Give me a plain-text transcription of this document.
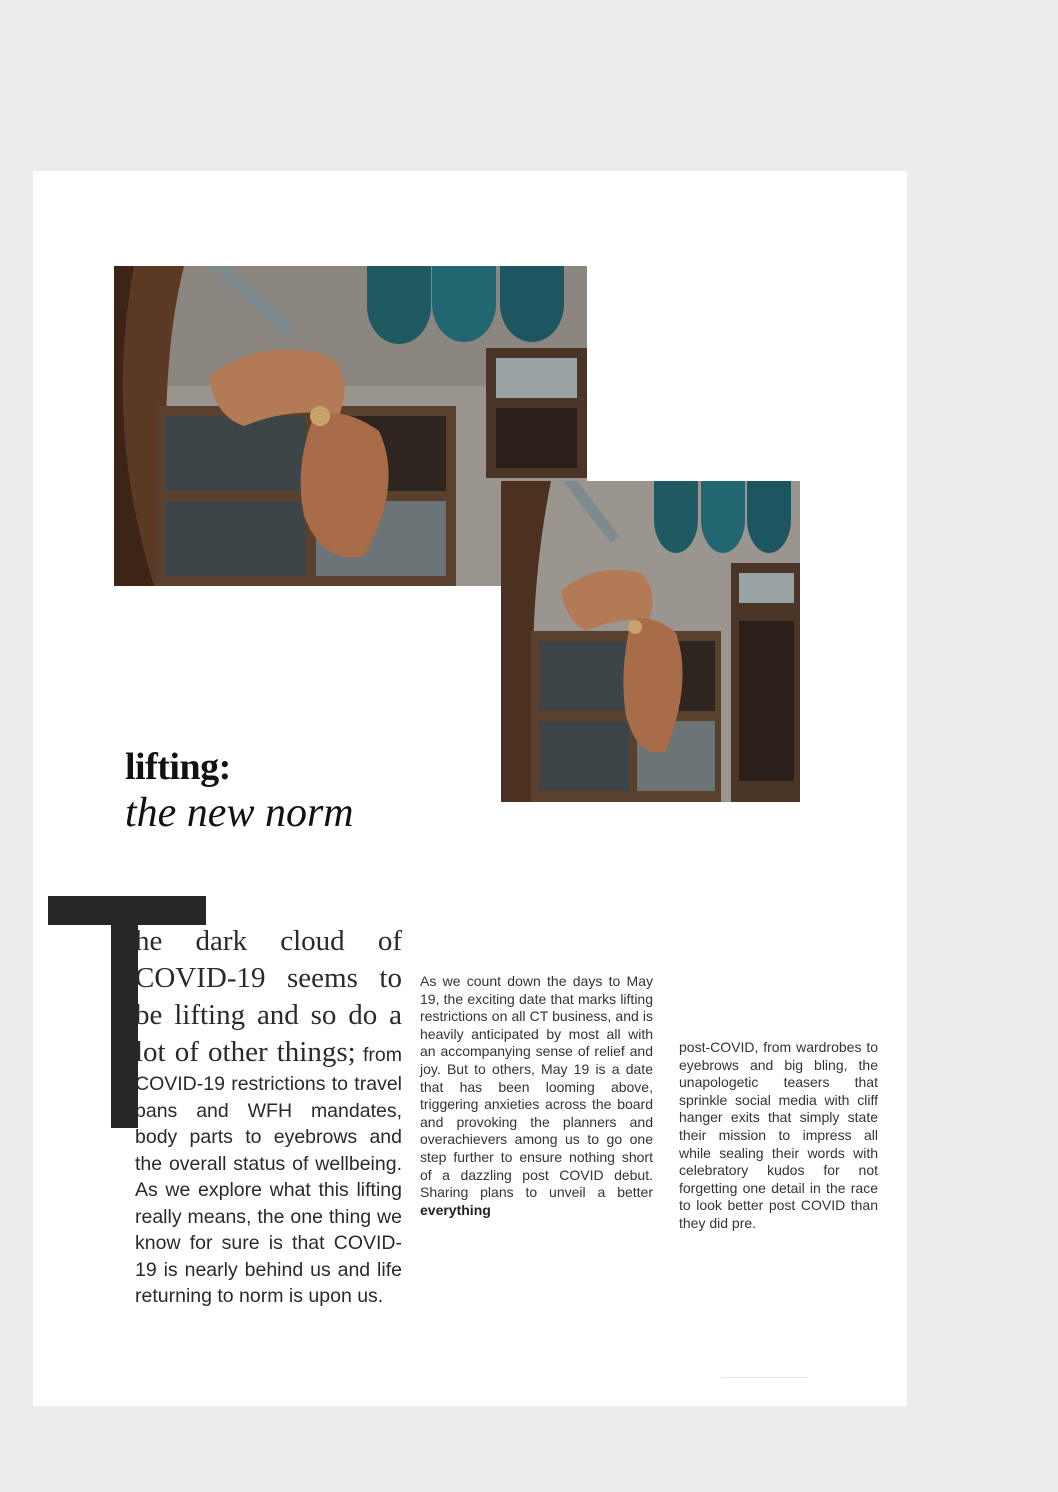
lifting:
the new norm
he dark cloud of COVID-19 seems to be lifting and so do a lot of other things; from COVID-19 restrictions to travel bans and WFH mandates, body parts to eyebrows and the overall status of wellbeing. As we explore what this lifting really means, the one thing we know for sure is that COVID-19 is nearly behind us and life returning to norm is upon us.
As we count down the days to May 19, the exciting date that marks lifting restrictions on all CT business, and is heavily anticipated by most all with an accompanying sense of relief and joy. But to others, May 19 is a date that has been looming above, triggering anxieties across the board and provoking the planners and overachievers among us to go one step further to ensure nothing short of a dazzling post COVID debut. Sharing plans to unveil a better everything
post-COVID, from wardrobes to eyebrows and big bling, the unapologetic teasers that sprinkle social media with cliff hanger exits that simply state their mission to impress all while sealing their words with celebratory kudos for not forgetting one detail in the race to look better post COVID than they did pre.
